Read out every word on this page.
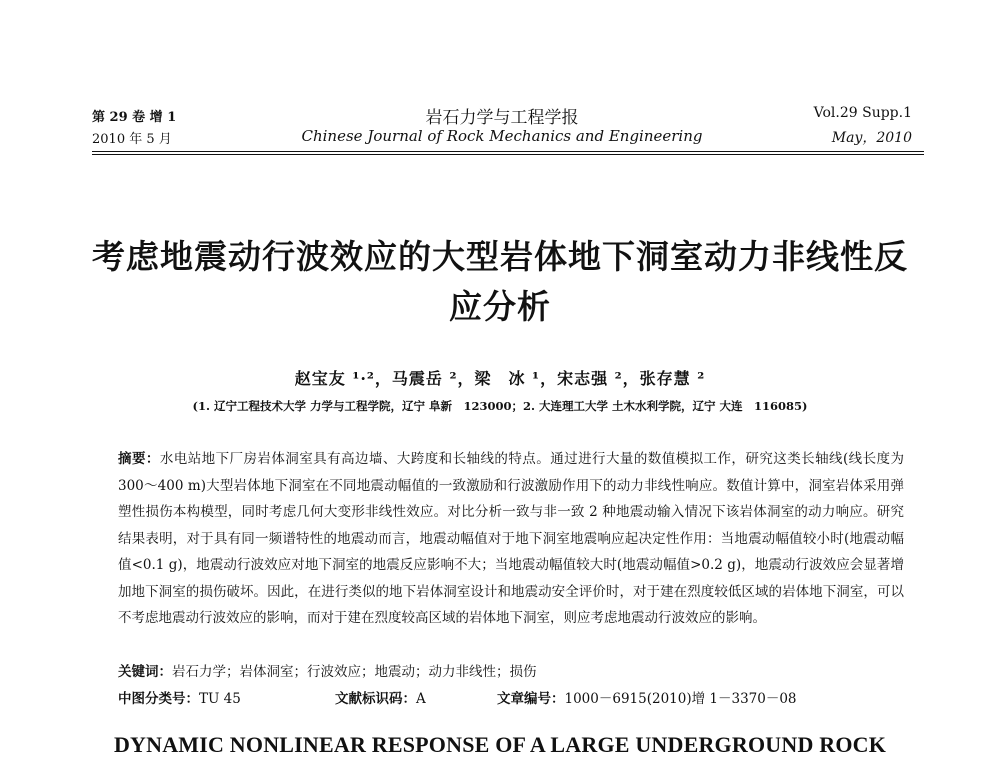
第 29 卷 增 1
2010 年 5 月
岩石力学与工程学报
Chinese Journal of Rock Mechanics and Engineering
Vol.29 Supp.1
May，2010
考虑地震动行波效应的大型岩体地下洞室动力非线性反应分析
赵宝友 ¹·²，马震岳 ²，梁　冰 ¹，宋志强 ²，张存慧 ²
(1. 辽宁工程技术大学 力学与工程学院，辽宁 阜新　123000；2. 大连理工大学 土木水利学院，辽宁 大连　116085)
摘要：水电站地下厂房岩体洞室具有高边墙、大跨度和长轴线的特点。通过进行大量的数值模拟工作，研究这类长轴线(线长度为 300～400 m)大型岩体地下洞室在不同地震动幅值的一致激励和行波激励作用下的动力非线性响应。数值计算中，洞室岩体采用弹塑性损伤本构模型，同时考虑几何大变形非线性效应。对比分析一致与非一致 2 种地震动输入情况下该岩体洞室的动力响应。研究结果表明，对于具有同一频谱特性的地震动而言，地震动幅值对于地下洞室地震响应起决定性作用：当地震动幅值较小时(地震动幅值<0.1 g)，地震动行波效应对地下洞室的地震反应影响不大；当地震动幅值较大时(地震动幅值>0.2 g)，地震动行波效应会显著增加地下洞室的损伤破坏。因此，在进行类似的地下岩体洞室设计和地震动安全评价时，对于建在烈度较低区域的岩体地下洞室，可以不考虑地震动行波效应的影响，而对于建在烈度较高区域的岩体地下洞室，则应考虑地震动行波效应的影响。
关键词：岩石力学；岩体洞室；行波效应；地震动；动力非线性；损伤
中图分类号：TU 45	文献标识码：A	文章编号：1000－6915(2010)增 1－3370－08
DYNAMIC NONLINEAR RESPONSE OF A LARGE UNDERGROUND ROCK
